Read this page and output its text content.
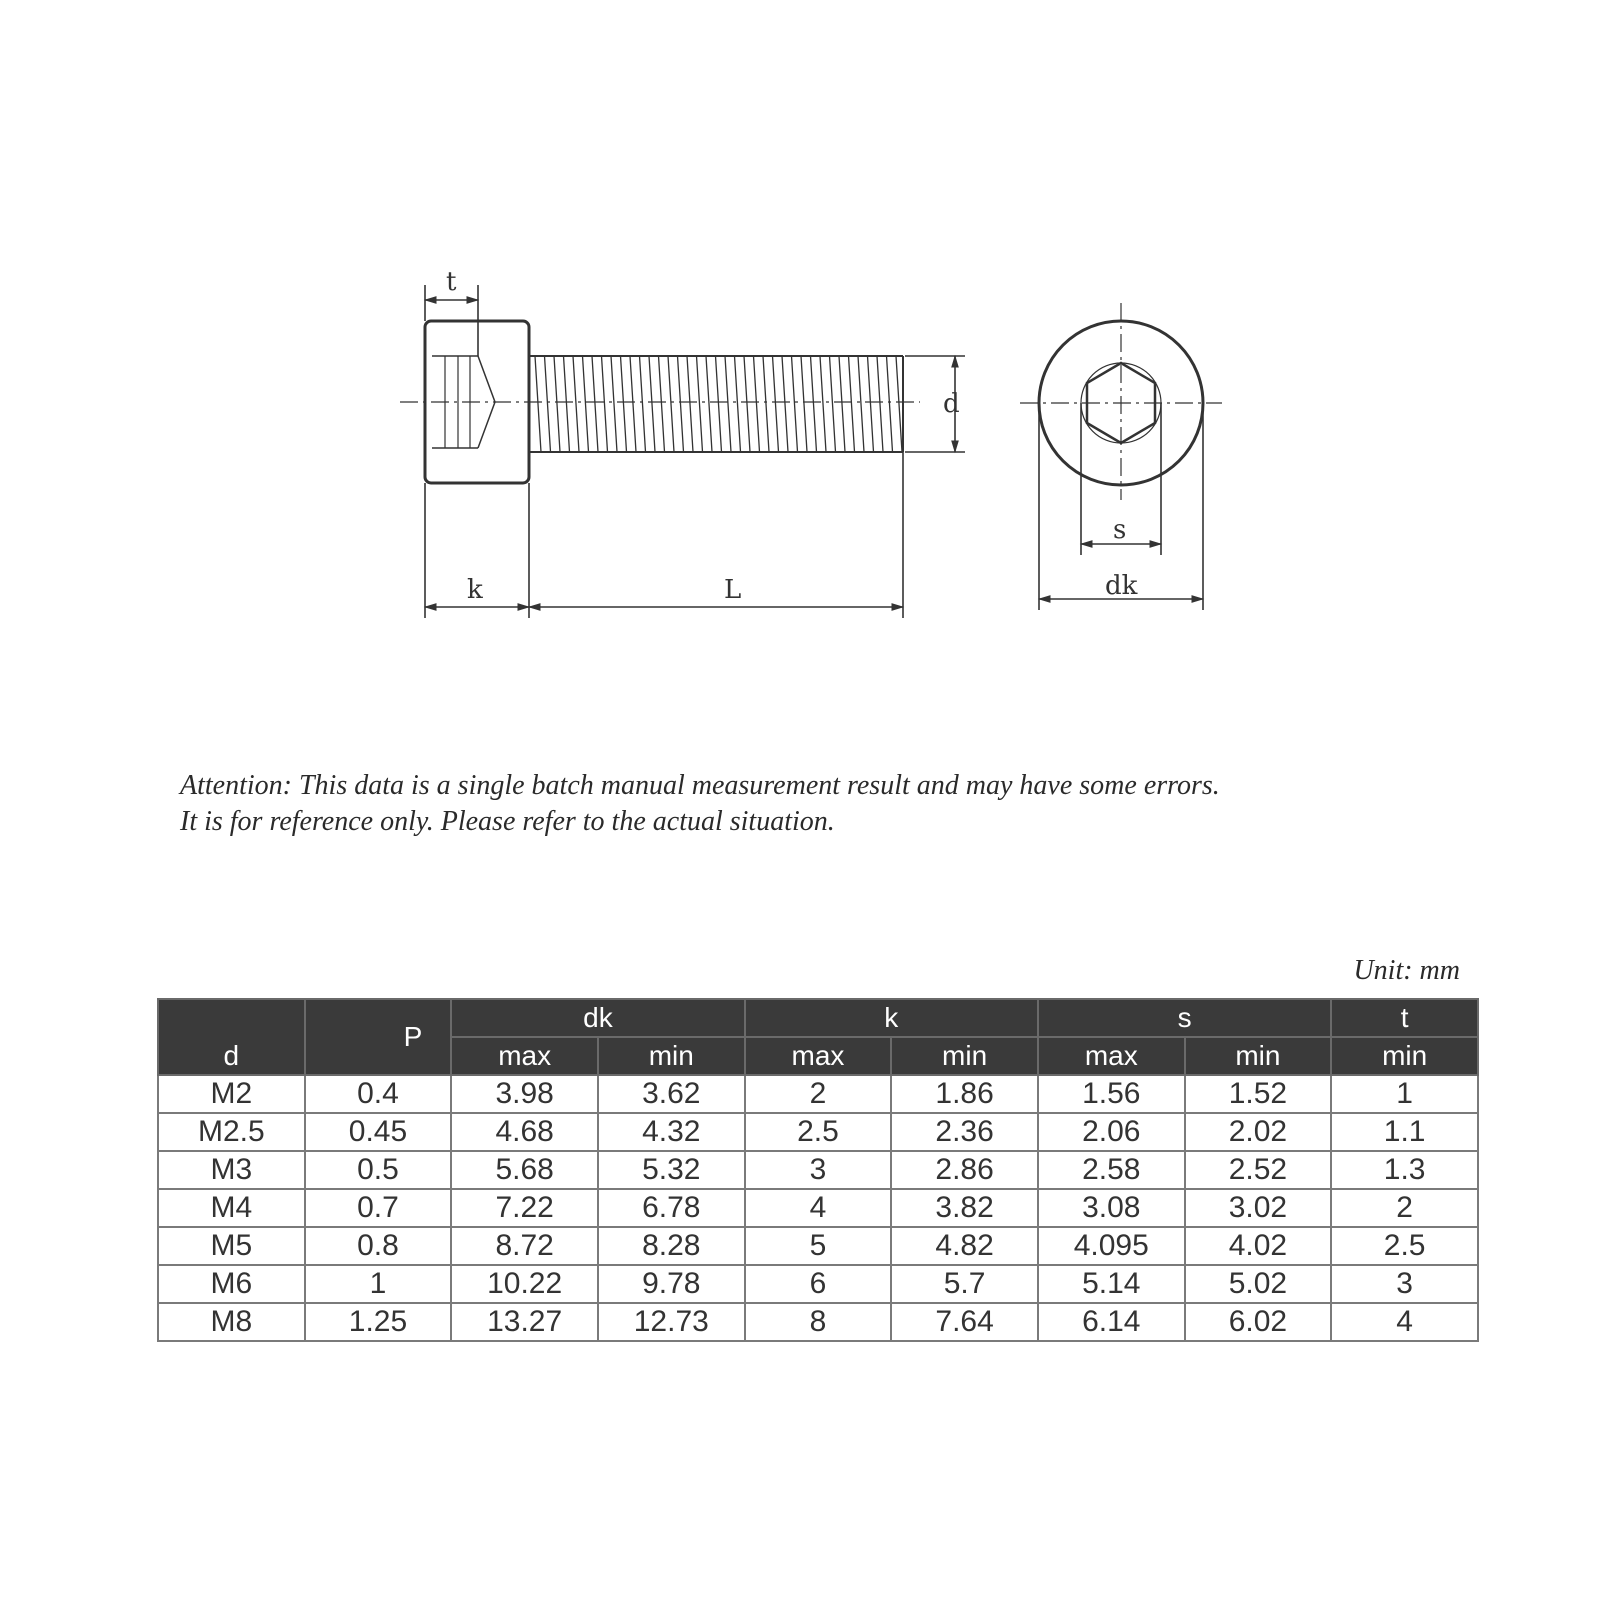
t
k	L
d
s
dk
Attention: This data is a single batch manual measurement result and may have some errors.
It is for reference only. Please refer to the actual situation.
Unit: mm
d	P	dk		k		s		t
		max	min	max	min	max	min	min
M2	0.4	3.98	3.62	2	1.86	1.56	1.52	1
M2.5	0.45	4.68	4.32	2.5	2.36	2.06	2.02	1.1
M3	0.5	5.68	5.32	3	2.86	2.58	2.52	1.3
M4	0.7	7.22	6.78	4	3.82	3.08	3.02	2
M5	0.8	8.72	8.28	5	4.82	4.095	4.02	2.5
M6	1	10.22	9.78	6	5.7	5.14	5.02	3
M8	1.25	13.27	12.73	8	7.64	6.14	6.02	4
